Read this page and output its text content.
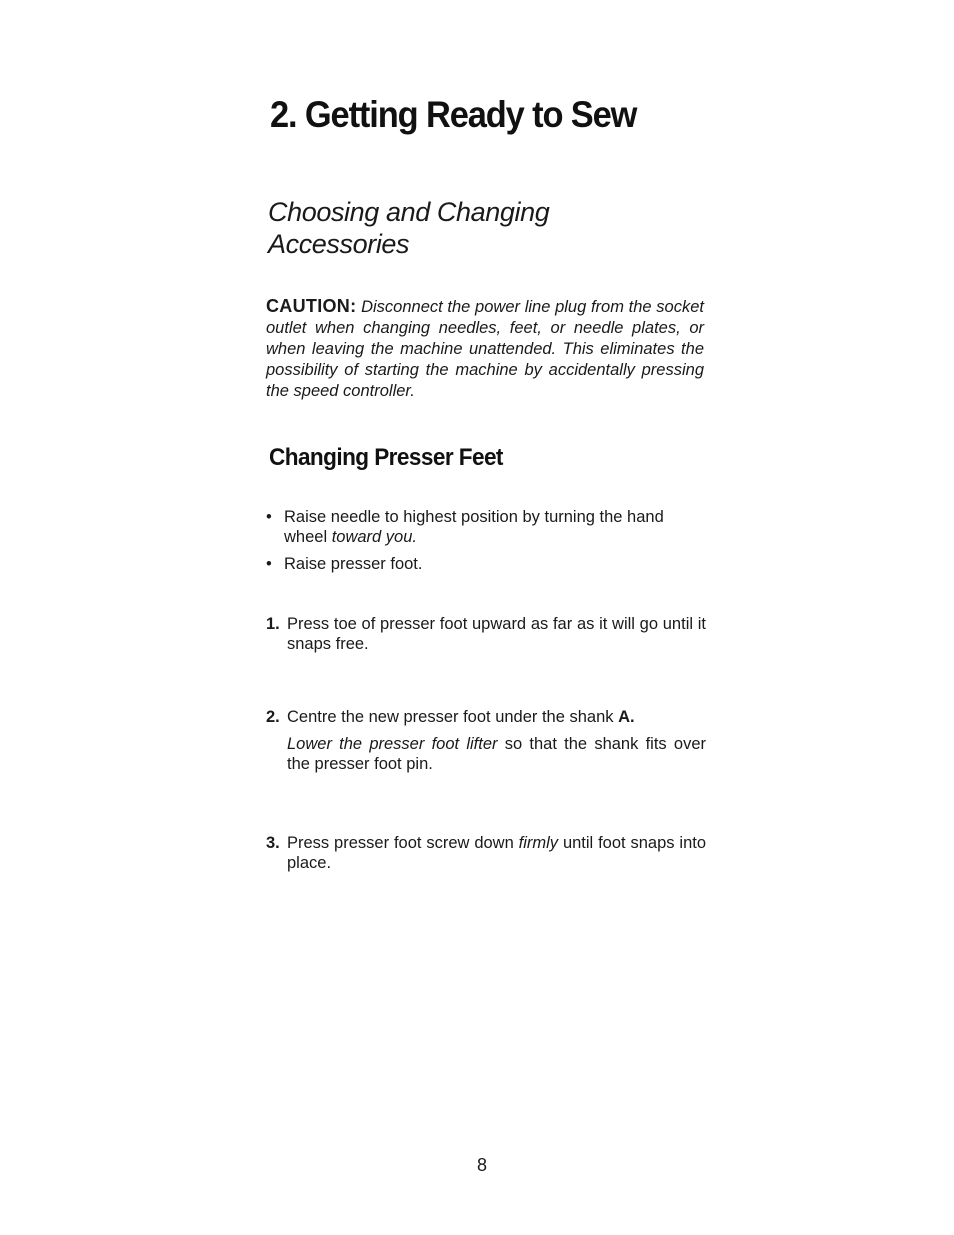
2. Getting Ready to Sew
Choosing and Changing Accessories

CAUTION: Disconnect the power line plug from the socket outlet when changing needles, feet, or needle plates, or when leaving the machine unattended. This eliminates the possibility of starting the machine by accidentally pressing the speed controller.

Changing Presser Feet
• Raise needle to highest position by turning the hand wheel toward you.
• Raise presser foot.
1. Press toe of presser foot upward as far as it will go until it snaps free.

2. Centre the new presser foot under the shank A.

Lower the presser foot lifter so that the shank fits over the presser foot pin.

3. Press presser foot screw down firmly until foot snaps into place.

8
